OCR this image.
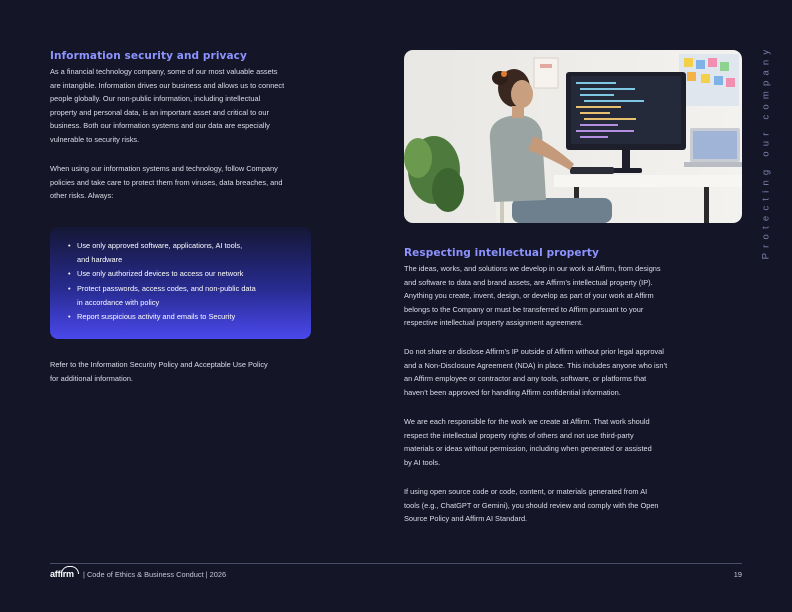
Information security and privacy

As a financial technology company, some of our most valuable assets
are intangible. Information drives our business and allows us to connect
people globally. Our non-public information, including intellectual
property and personal data, is an important asset and critical to our
business. Both our information systems and our data are especially
vulnerable to security risks.

When using our information systems and technology, follow Company
policies and take care to protect them from viruses, data breaches, and
other risks. Always:

• Use only approved software, applications, AI tools,
and hardware
• Use only authorized devices to access our network
• Protect passwords, access codes, and non-public data
in accordance with policy
• Report suspicious activity and emails to Security

Refer to the Information Security Policy and Acceptable Use Policy
for additional information.

Respecting intellectual property

The ideas, works, and solutions we develop in our work at Affirm, from designs
and software to data and brand assets, are Affirm’s intellectual property (IP).
Anything you create, invent, design, or develop as part of your work at Affirm
belongs to the Company or must be transferred to Affirm pursuant to your
respective intellectual property assignment agreement.

Do not share or disclose Affirm’s IP outside of Affirm without prior legal approval
and a Non-Disclosure Agreement (NDA) in place. This includes anyone who isn’t
an Affirm employee or contractor and any tools, software, or platforms that
haven’t been approved for handling Affirm confidential information.

We are each responsible for the work we create at Affirm. That work should
respect the intellectual property rights of others and not use third-party
materials or ideas without permission, including when generated or assisted
by AI tools.

If using open source code or code, content, or materials generated from AI
tools (e.g., ChatGPT or Gemini), you should review and comply with the Open
Source Policy and Affirm AI Standard.

Protecting our company
affirm | Code of Ethics & Business Conduct | 2026	19
